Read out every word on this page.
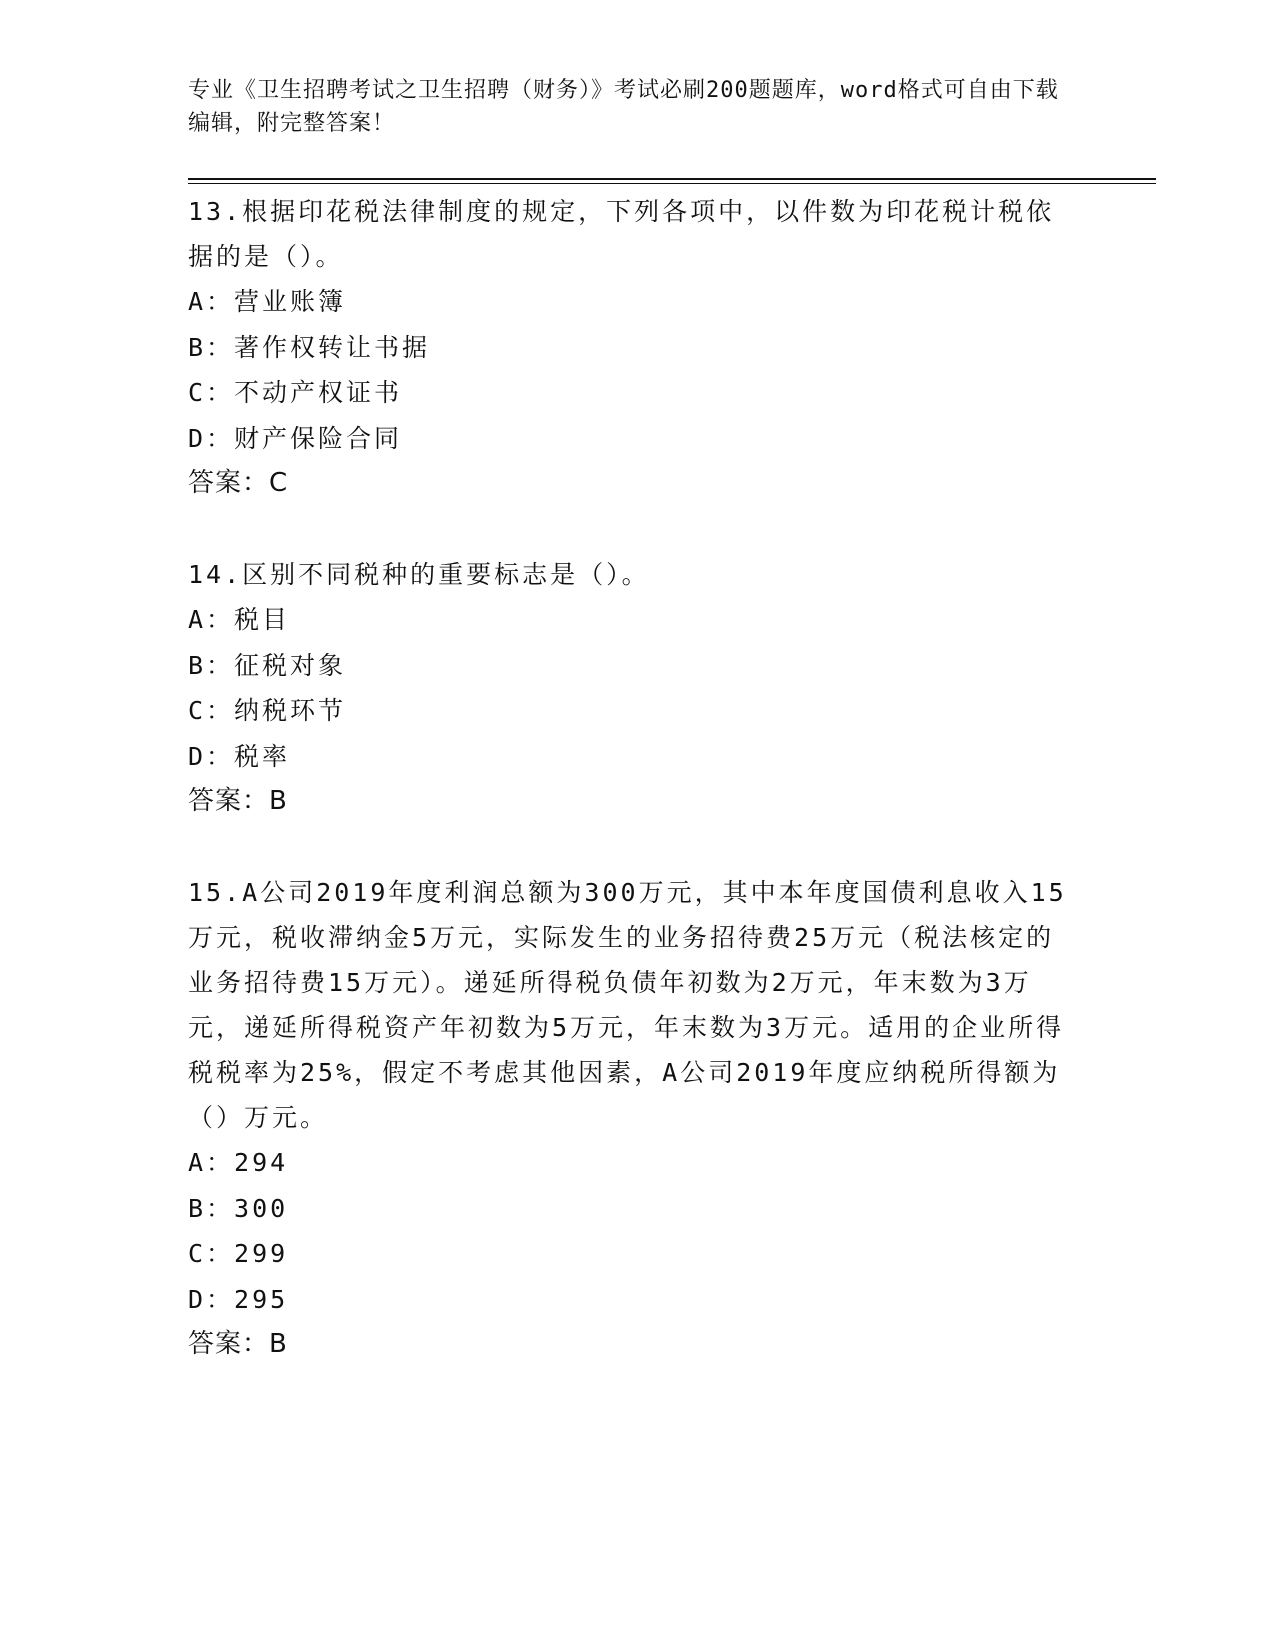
专业《卫生招聘考试之卫生招聘（财务）》考试必刷200题题库，word格式可自由下载编辑，附完整答案！
13.根据印花税法律制度的规定，下列各项中，以件数为印花税计税依据的是（）。
A：营业账簿
B：著作权转让书据
C：不动产权证书
D：财产保险合同
答案：C
14.区别不同税种的重要标志是（）。
A：税目
B：征税对象
C：纳税环节
D：税率
答案：B
15.A公司2019年度利润总额为300万元，其中本年度国债利息收入15万元，税收滞纳金5万元，实际发生的业务招待费25万元（税法核定的业务招待费15万元）。递延所得税负债年初数为2万元，年末数为3万元，递延所得税资产年初数为5万元，年末数为3万元。适用的企业所得税税率为25%，假定不考虑其他因素，A公司2019年度应纳税所得额为（）万元。
A：294
B：300
C：299
D：295
答案：B
